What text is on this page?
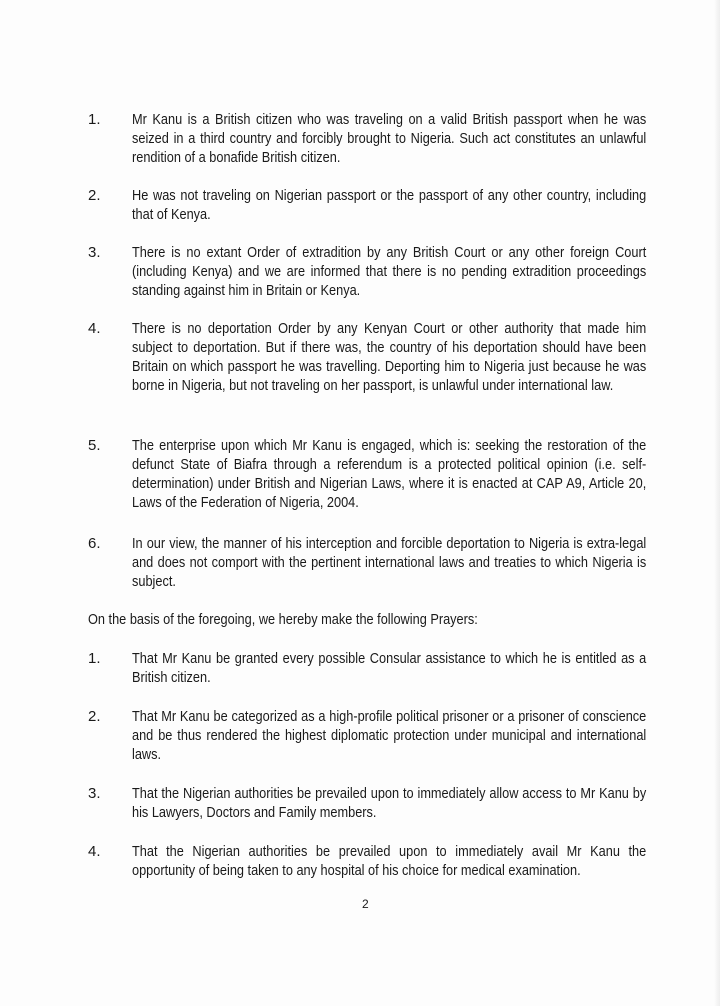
1. Mr Kanu is a British citizen who was traveling on a valid British passport when he was seized in a third country and forcibly brought to Nigeria. Such act constitutes an unlawful rendition of a bonafide British citizen.
2. He was not traveling on Nigerian passport or the passport of any other country, including that of Kenya.
3. There is no extant Order of extradition by any British Court or any other foreign Court (including Kenya) and we are informed that there is no pending extradition proceedings standing against him in Britain or Kenya.
4. There is no deportation Order by any Kenyan Court or other authority that made him subject to deportation. But if there was, the country of his deportation should have been Britain on which passport he was travelling. Deporting him to Nigeria just because he was borne in Nigeria, but not traveling on her passport, is unlawful under international law.
5. The enterprise upon which Mr Kanu is engaged, which is: seeking the restoration of the defunct State of Biafra through a referendum is a protected political opinion (i.e. self-determination) under British and Nigerian Laws, where it is enacted at CAP A9, Article 20, Laws of the Federation of Nigeria, 2004.
6. In our view, the manner of his interception and forcible deportation to Nigeria is extra-legal and does not comport with the pertinent international laws and treaties to which Nigeria is subject.
On the basis of the foregoing, we hereby make the following Prayers:
1. That Mr Kanu be granted every possible Consular assistance to which he is entitled as a British citizen.
2. That Mr Kanu be categorized as a high-profile political prisoner or a prisoner of conscience and be thus rendered the highest diplomatic protection under municipal and international laws.
3. That the Nigerian authorities be prevailed upon to immediately allow access to Mr Kanu by his Lawyers, Doctors and Family members.
4. That the Nigerian authorities be prevailed upon to immediately avail Mr Kanu the opportunity of being taken to any hospital of his choice for medical examination.
2
